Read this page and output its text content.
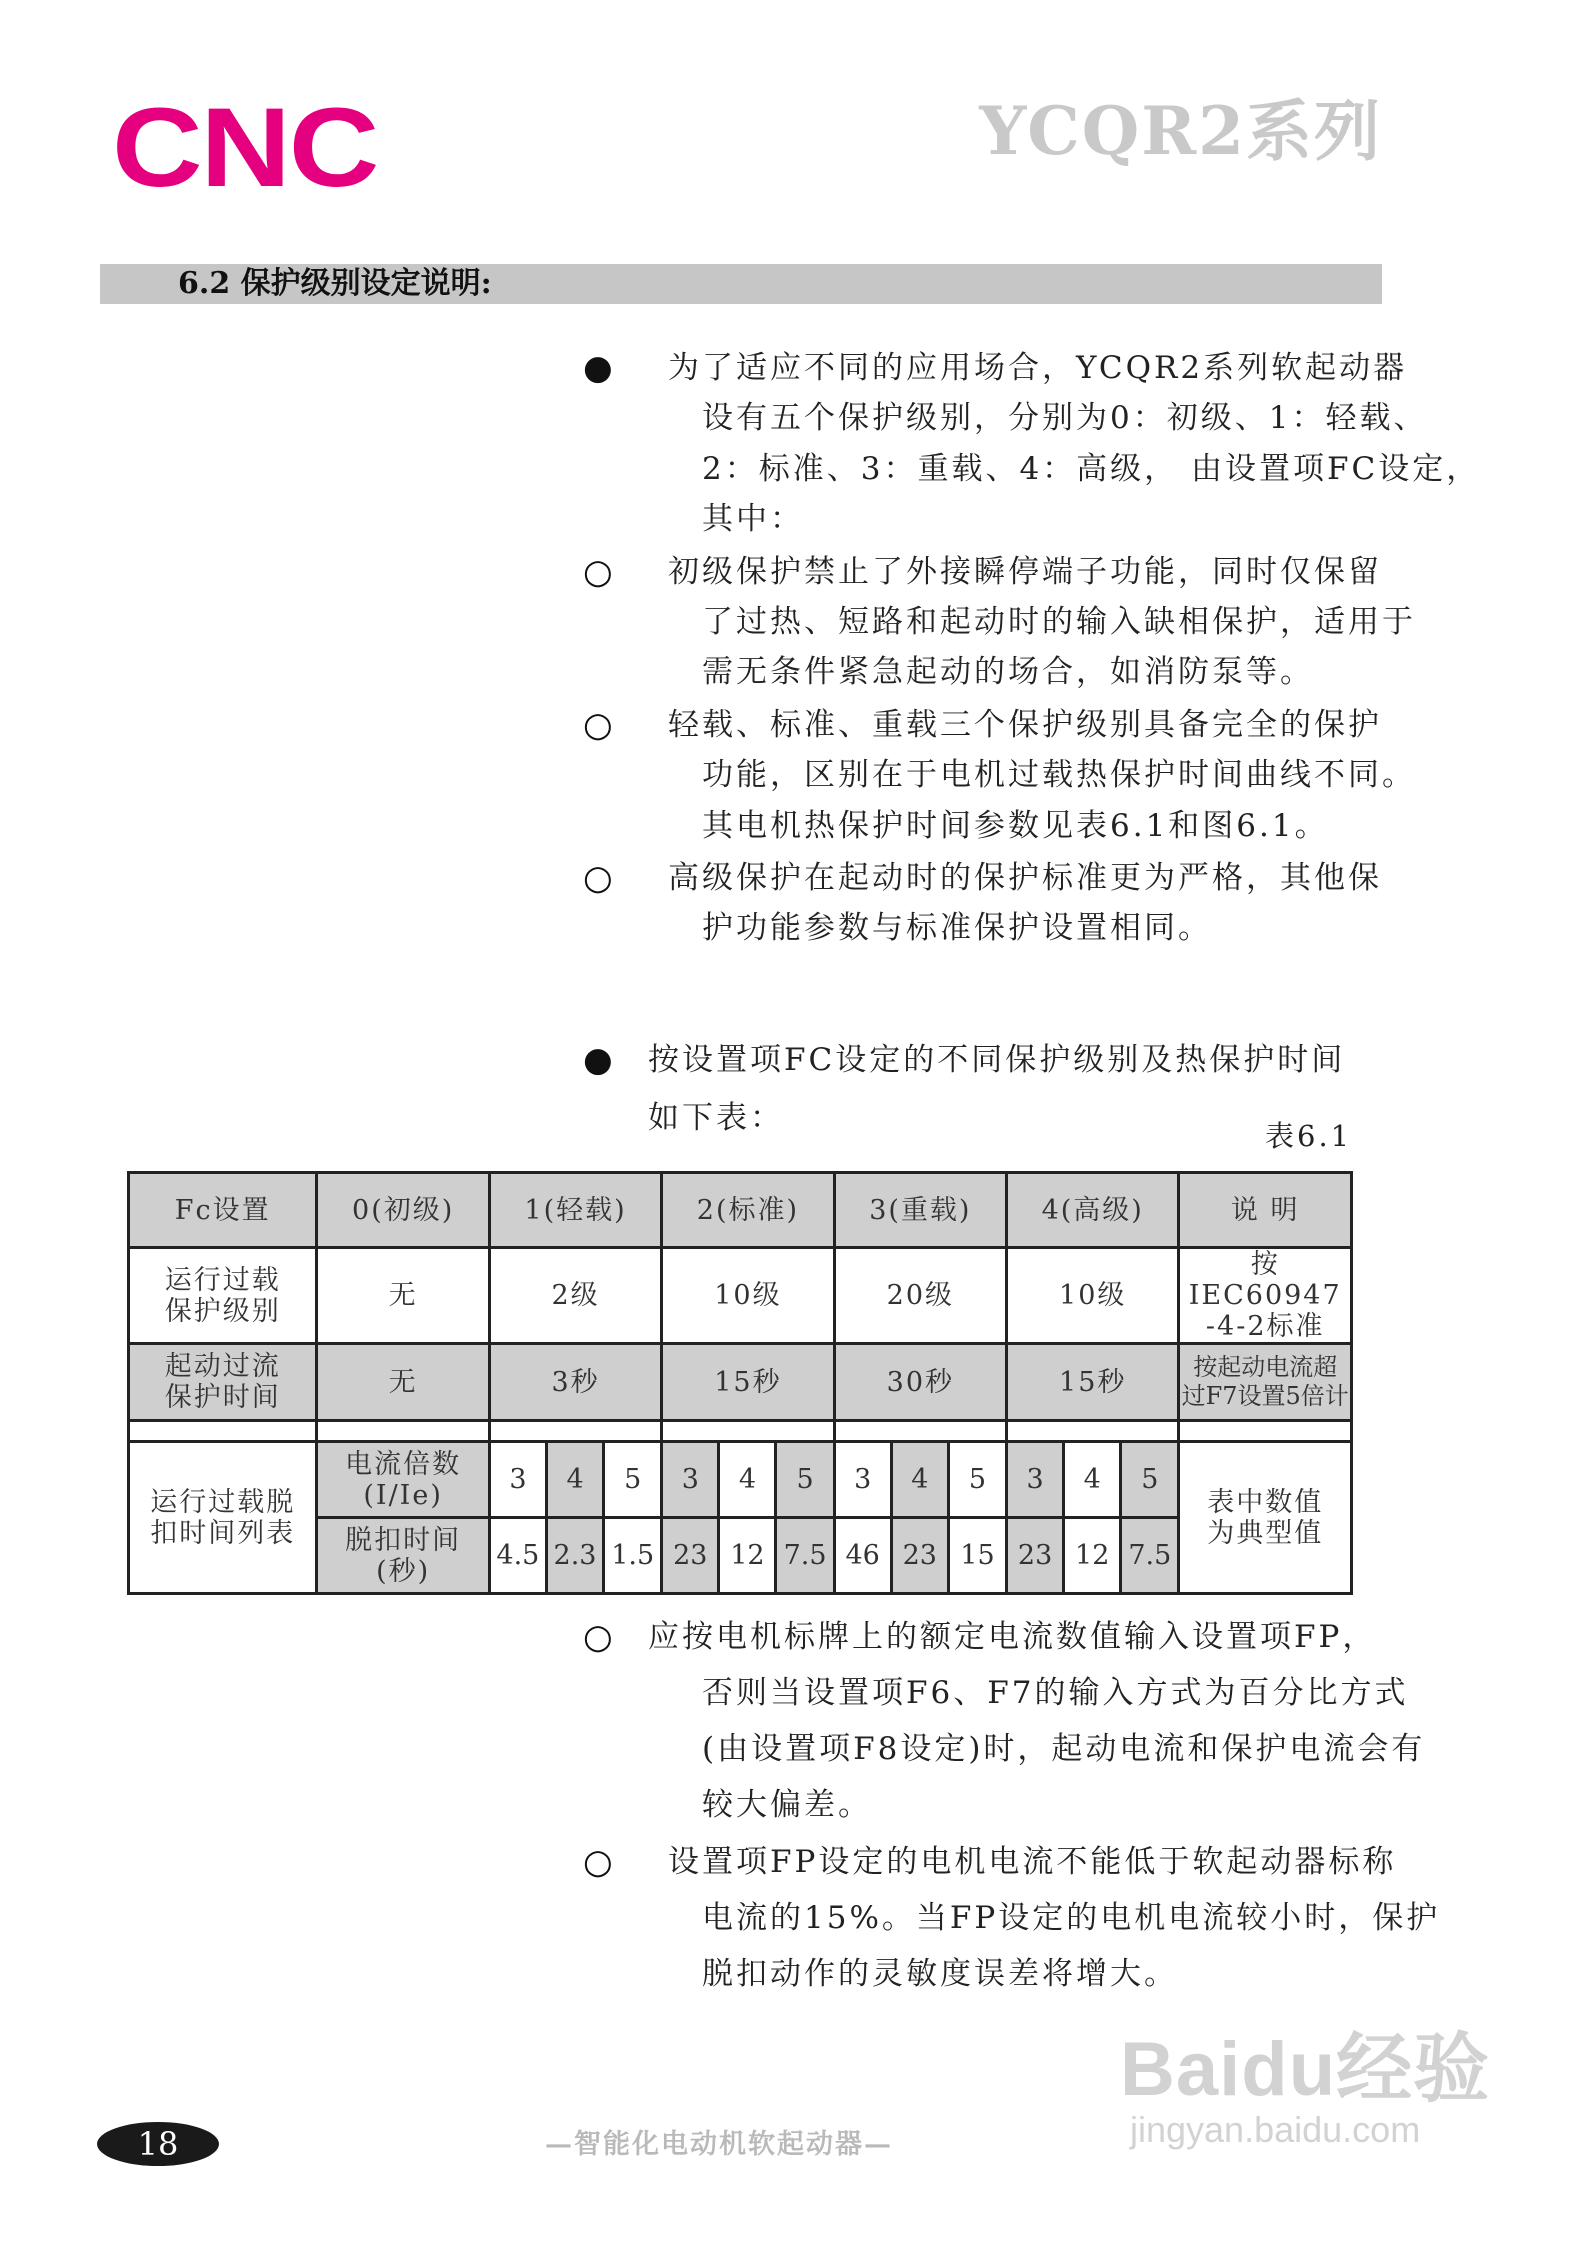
CNC	YCQR2系列
6.2 保护级别设定说明:
● 为了适应不同的应用场合，YCQR2系列软起动器
设有五个保护级别，分别为0：初级、1：轻载、
2：标准、3：重载、4：高级， 由设置项FC设定，
其中：
○ 初级保护禁止了外接瞬停端子功能，同时仅保留
了过热、短路和起动时的输入缺相保护，适用于
需无条件紧急起动的场合，如消防泵等。
○ 轻载、标准、重载三个保护级别具备完全的保护
功能，区别在于电机过载热保护时间曲线不同。
其电机热保护时间参数见表6.1和图6.1。
○ 高级保护在起动时的保护标准更为严格，其他保
护功能参数与标准保护设置相同。
● 按设置项FC设定的不同保护级别及热保护时间
如下表：	表6.1
Fc设置	0(初级)	1(轻载)			2(标准)			3(重载)			4(高级)			说 明
运行过载
保护级别	无	2级			10级			20级			10级			按IEC60947
-4-2标准
起动过流
保护时间	无	3秒			15秒			30秒			15秒			按起动电流超
过F7设置5倍计

运行过载脱
扣时间列表	电流倍数
(I/Ie)	3	4	5	3	4	5	3	4	5	3	4	5	表中数值
为典型值
	脱扣时间
(秒)	4.5	2.3	1.5	23	12	7.5	46	23	15	23	12	7.5	
○ 应按电机标牌上的额定电流数值输入设置项FP，
否则当设置项F6、F7的输入方式为百分比方式
(由设置项F8设定)时，起动电流和保护电流会有
较大偏差。
○ 设置项FP设定的电机电流不能低于软起动器标称
电流的15%。当FP设定的电机电流较小时，保护
脱扣动作的灵敏度误差将增大。
18	—智能化电动机软起动器—
Baidu经验
jingyan.baidu.com
